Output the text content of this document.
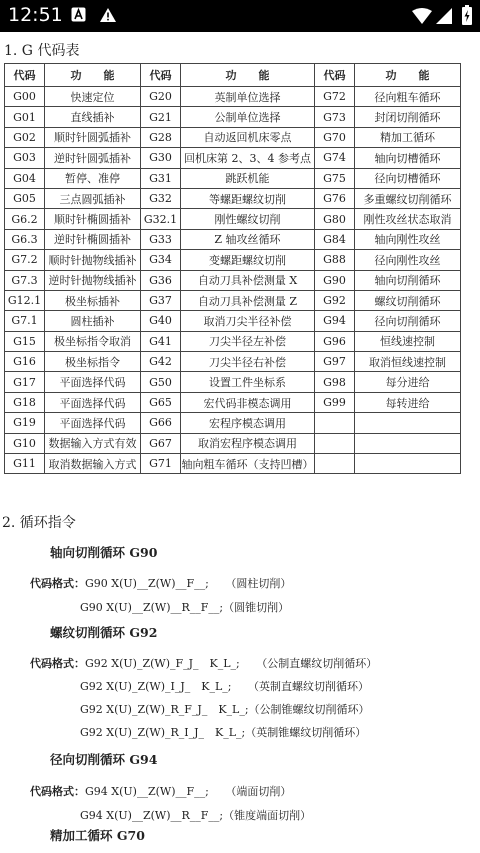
12:51
1. G 代码表
代码	功　　能	代码	功　　能	代码	功　　能
G00	快速定位	G20	英制单位选择	G72	径向粗车循环
G01	直线插补	G21	公制单位选择	G73	封闭切削循环
G02	顺时针圆弧插补	G28	自动返回机床零点	G70	精加工循环
G03	逆时针圆弧插补	G30	回机床第 2、3、4 参考点	G74	轴向切槽循环
G04	暂停、准停	G31	跳跃机能	G75	径向切槽循环
G05	三点圆弧插补	G32	等螺距螺纹切削	G76	多重螺纹切削循环
G6.2	顺时针椭圆插补	G32.1	刚性螺纹切削	G80	刚性攻丝状态取消
G6.3	逆时针椭圆插补	G33	Z 轴攻丝循环	G84	轴向刚性攻丝
G7.2	顺时针抛物线插补	G34	变螺距螺纹切削	G88	径向刚性攻丝
G7.3	逆时针抛物线插补	G36	自动刀具补偿测量 X	G90	轴向切削循环
G12.1	极坐标插补	G37	自动刀具补偿测量 Z	G92	螺纹切削循环
G7.1	圆柱插补	G40	取消刀尖半径补偿	G94	径向切削循环
G15	极坐标指令取消	G41	刀尖半径左补偿	G96	恒线速控制
G16	极坐标指令	G42	刀尖半径右补偿	G97	取消恒线速控制
G17	平面选择代码	G50	设置工件坐标系	G98	每分进给
G18	平面选择代码	G65	宏代码非模态调用	G99	每转进给
G19	平面选择代码	G66	宏程序模态调用		
G10	数据输入方式有效	G67	取消宏程序模态调用		
G11	取消数据输入方式	G71	轴向粗车循环（支持凹槽）		
2. 循环指令
轴向切削循环 G90
代码格式：G90 X(U)__Z(W)__F__;　　（圆柱切削）
G90 X(U)__Z(W)__R__F__;（圆锥切削）
螺纹切削循环 G92
代码格式：G92 X(U)_Z(W)_F_J_　K_L_;　　（公制直螺纹切削循环）
G92 X(U)_Z(W)_I_J_　K_L_;　　（英制直螺纹切削循环）
G92 X(U)_Z(W)_R_F_J_　K_L_;（公制锥螺纹切削循环）
G92 X(U)_Z(W)_R_I_J_　K_L_;（英制锥螺纹切削循环）
径向切削循环 G94
代码格式：G94 X(U)__Z(W)__F__;　　（端面切削）
G94 X(U)__Z(W)__R__F__;（锥度端面切削）
精加工循环 G70
